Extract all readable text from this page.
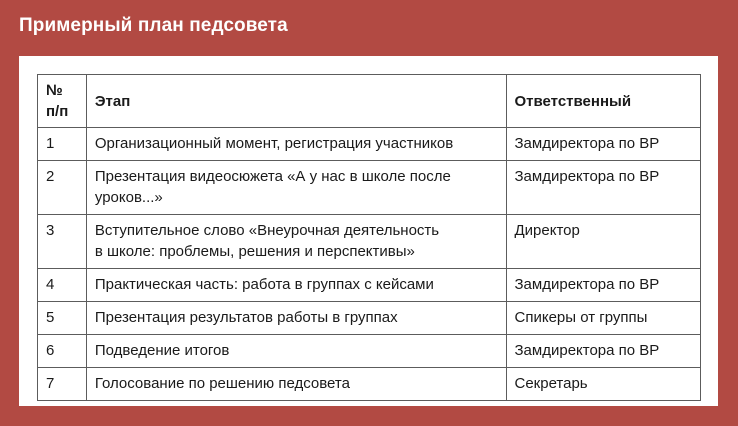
Примерный план педсовета
№
п/п	Этап	Ответственный
1	Организационный момент, регистрация участников	Замдиректора по ВР
2	Презентация видеосюжета «А у нас в школе после
уроков...»	Замдиректора по ВР
3	Вступительное слово «Внеурочная деятельность
в школе: проблемы, решения и перспективы»	Директор
4	Практическая часть: работа в группах с кейсами	Замдиректора по ВР
5	Презентация результатов работы в группах	Спикеры от группы
6	Подведение итогов	Замдиректора по ВР
7	Голосование по решению педсовета	Секретарь
